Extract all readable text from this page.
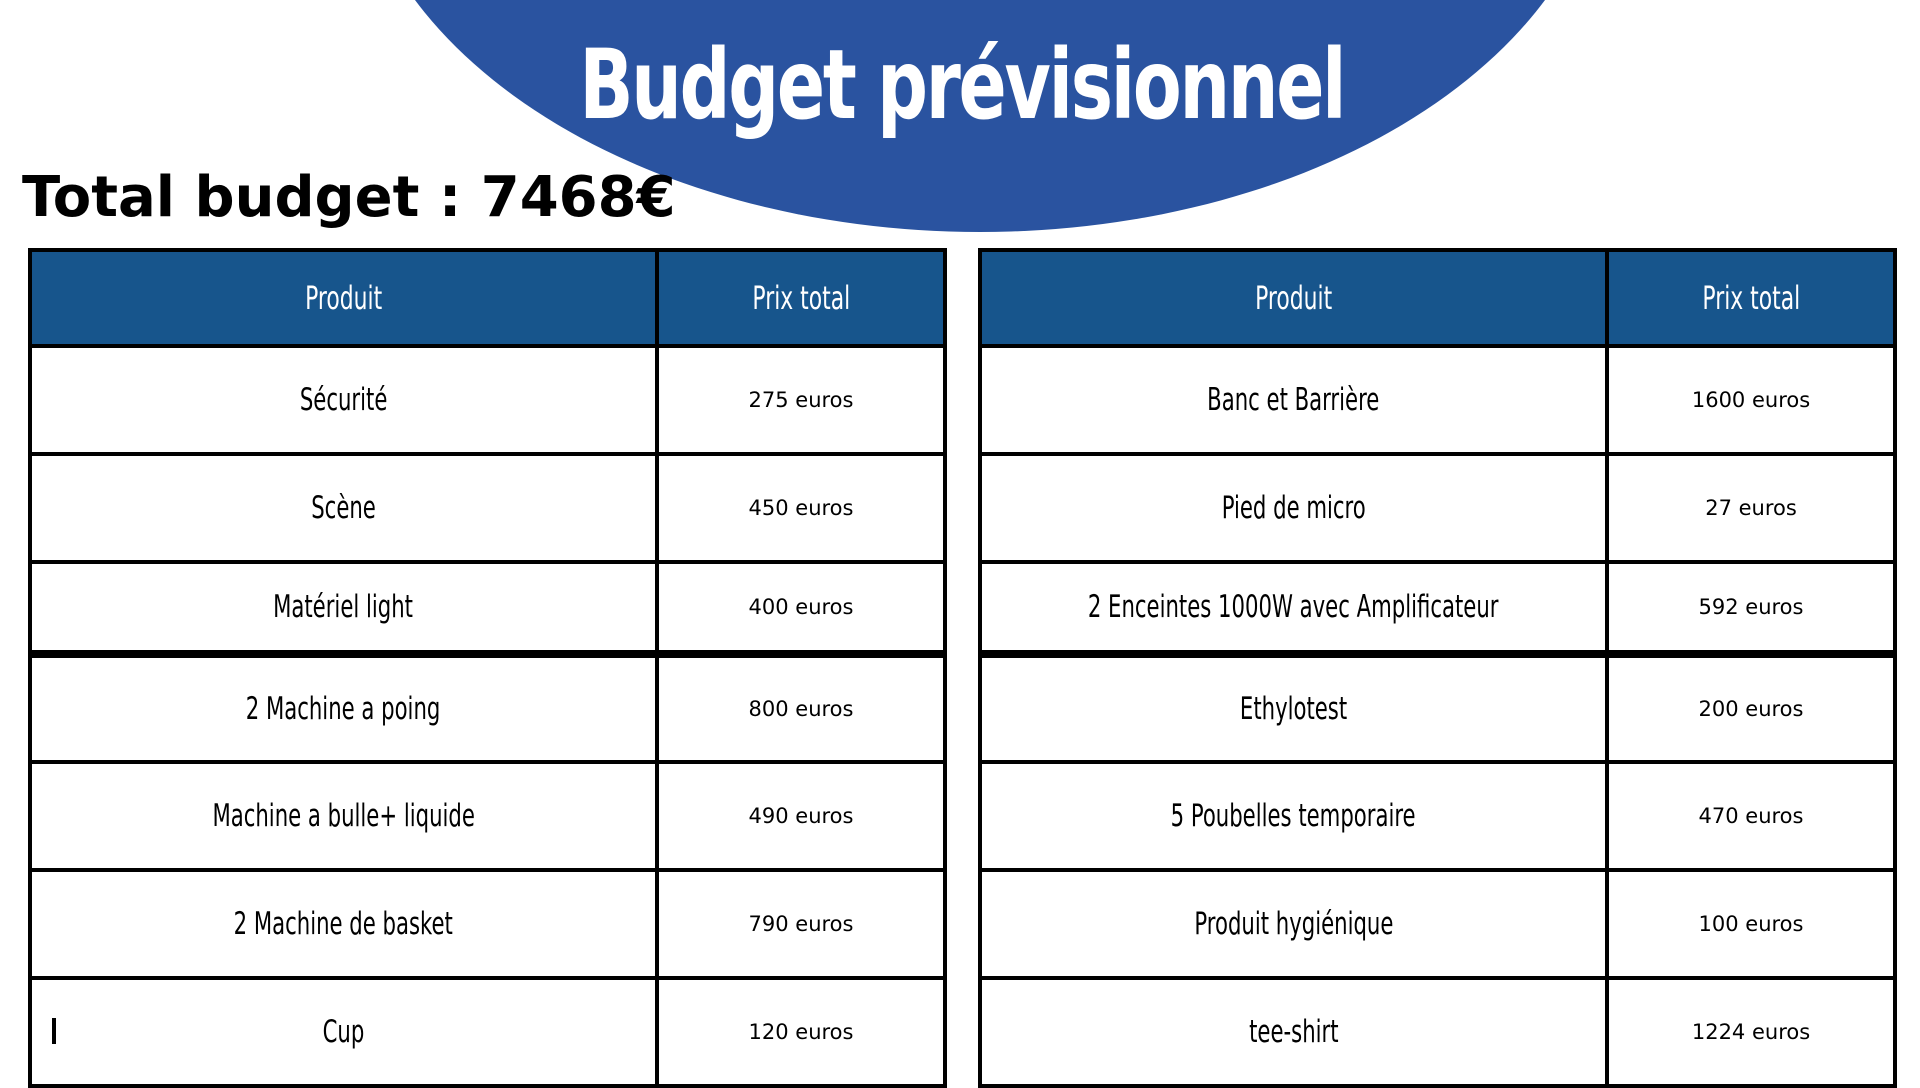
Budget prévisionnel
Total budget : 7468€
Produit	Prix total
Sécurité	275 euros
Scène	450 euros
Matériel light	400 euros
2 Machine a poing	800 euros
Machine a bulle+ liquide	490 euros
2 Machine de basket	790 euros
Cup	120 euros
Produit	Prix total
Banc et Barrière	1600 euros
Pied de micro	27 euros
2 Enceintes 1000W avec Amplificateur	592 euros
Ethylotest	200 euros
5 Poubelles temporaire	470 euros
Produit hygiénique	100 euros
tee-shirt	1224 euros
